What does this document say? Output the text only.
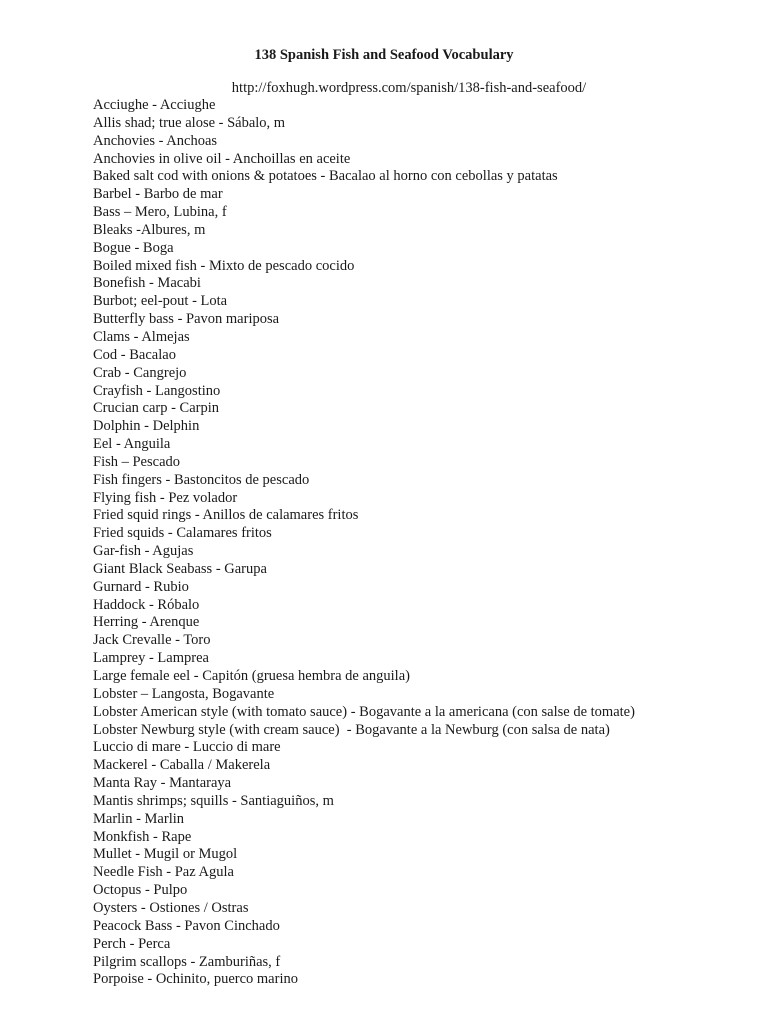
138 Spanish Fish and Seafood Vocabulary
http://foxhugh.wordpress.com/spanish/138-fish-and-seafood/
Acciughe - Acciughe
Allis shad; true alose - Sábalo, m
Anchovies - Anchoas
Anchovies in olive oil - Anchoillas en aceite
Baked salt cod with onions & potatoes - Bacalao al horno con cebollas y patatas
Barbel - Barbo de mar
Bass – Mero, Lubina, f
Bleaks -Albures, m
Bogue - Boga
Boiled mixed fish - Mixto de pescado cocido
Bonefish - Macabi
Burbot; eel-pout - Lota
Butterfly bass - Pavon mariposa
Clams - Almejas
Cod - Bacalao
Crab - Cangrejo
Crayfish - Langostino
Crucian carp - Carpin
Dolphin - Delphin
Eel - Anguila
Fish – Pescado
Fish fingers - Bastoncitos de pescado
Flying fish - Pez volador
Fried squid rings - Anillos de calamares fritos
Fried squids - Calamares fritos
Gar-fish - Agujas
Giant Black Seabass - Garupa
Gurnard - Rubio
Haddock - Róbalo
Herring - Arenque
Jack Crevalle - Toro
Lamprey - Lamprea
Large female eel - Capitón (gruesa hembra de anguila)
Lobster – Langosta, Bogavante
Lobster American style (with tomato sauce) - Bogavante a la americana (con salse de tomate)
Lobster Newburg style (with cream sauce)  - Bogavante a la Newburg (con salsa de nata)
Luccio di mare - Luccio di mare
Mackerel - Caballa / Makerela
Manta Ray - Mantaraya
Mantis shrimps; squills - Santiaguiños, m
Marlin - Marlin
Monkfish - Rape
Mullet - Mugil or Mugol
Needle Fish - Paz Agula
Octopus - Pulpo
Oysters - Ostiones / Ostras
Peacock Bass - Pavon Cinchado
Perch - Perca
Pilgrim scallops - Zamburiñas, f
Porpoise - Ochinito, puerco marino
